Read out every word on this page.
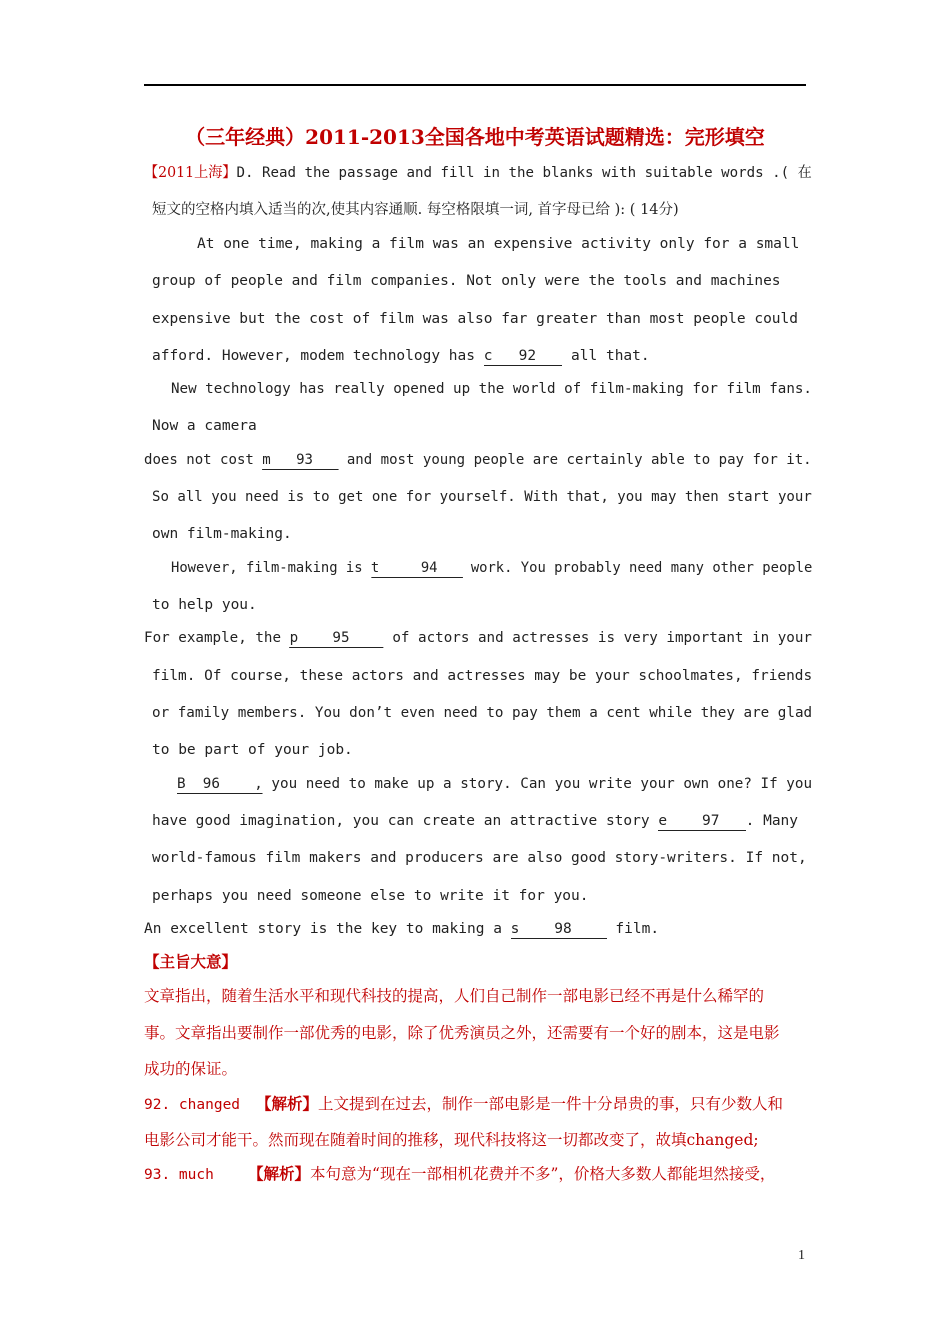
（三年经典）2011-2013全国各地中考英语试题精选：完形填空
【2011上海】D. Read the passage and fill in the blanks with suitable words .( 在
短文的空格内填入适当的次,使其内容通顺. 每空格限填一词, 首字母已给 ): ( 14分)
At one time, making a film was an expensive activity only for a small
group of people and film companies. Not only were the tools and machines
expensive but the cost of film was also far greater than most people could
afford. However, modem technology has c   92    all that.
New technology has really opened up the world of film-making for film fans.
Now a camera
does not cost m   93    and most young people are certainly able to pay for it.
So all you need is to get one for yourself. With that, you may then start your
own film-making.
However, film-making is t     94    work. You probably need many other people
to help you.
For example, the p    95     of actors and actresses is very important in your
film. Of course, these actors and actresses may be your schoolmates, friends
or family members. You don’t even need to pay them a cent while they are glad
to be part of your job.
B  96    , you need to make up a story. Can you write your own one? If you
have good imagination, you can create an attractive story e    97   . Many
world-famous film makers and producers are also good story-writers. If not,
perhaps you need someone else to write it for you.
An excellent story is the key to making a s    98     film.
【主旨大意】
文章指出，随着生活水平和现代科技的提高，人们自己制作一部电影已经不再是什么稀罕的
事。文章指出要制作一部优秀的电影，除了优秀演员之外，还需要有一个好的剧本，这是电影
成功的保证。
92. changed 【解析】上文提到在过去，制作一部电影是一件十分昂贵的事，只有少数人和
电影公司才能干。然而现在随着时间的推移，现代科技将这一切都改变了，故填changed;
93. much 【解析】本句意为“现在一部相机花费并不多”，价格大多数人都能坦然接受，
1
